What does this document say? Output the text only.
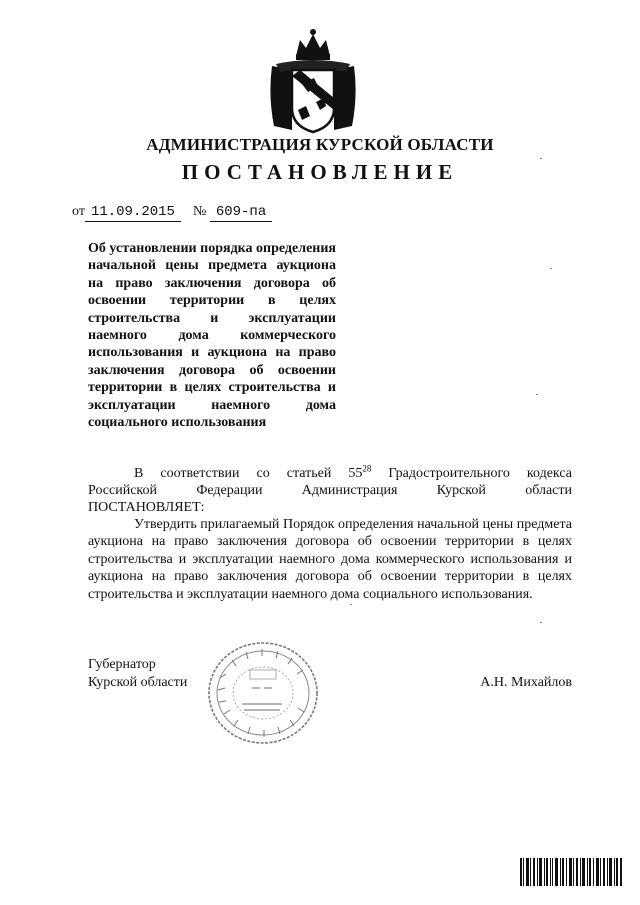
АДМИНИСТРАЦИЯ КУРСКОЙ ОБЛАСТИ
ПОСТАНОВЛЕНИЕ
от 11.09.2015 № 609-па
Об установлении порядка определения начальной цены предмета аукциона на право заключения договора об освоении территории в целях строительства и эксплуатации наемного дома коммерческого использования и аукциона на право заключения договора об освоении территории в целях строительства и эксплуатации наемного дома социального использования
В соответствии со статьей $55^{28}$ Градостроительного кодекса
Российской Федерации Администрация Курской области
ПОСТАНОВЛЯЕТ:
Утвердить прилагаемый Порядок определения начальной цены предмета аукциона на право заключения договора об освоении территории в целях строительства и эксплуатации наемного дома коммерческого использования и аукциона на право заключения договора об освоении территории в целях строительства и эксплуатации наемного дома социального использования.
Губернатор
Курской области	А.Н. Михайлов
